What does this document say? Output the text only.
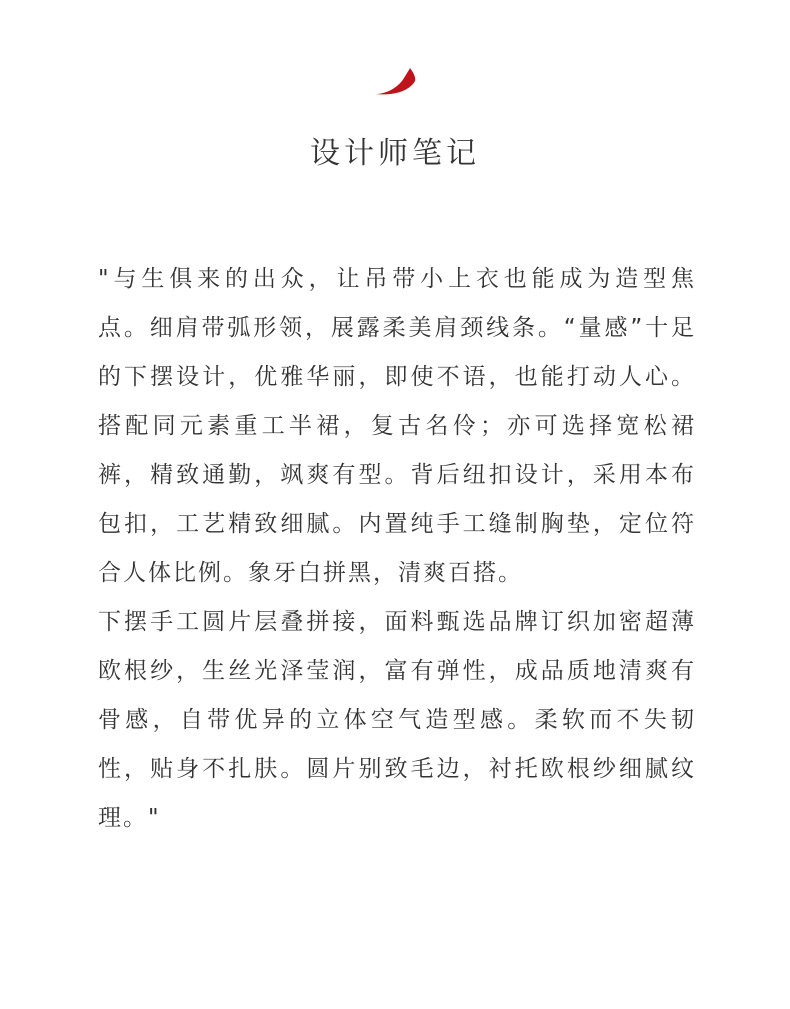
设计师笔记
"与生俱来的出众，让吊带小上衣也能成为造型焦
点。细肩带弧形领，展露柔美肩颈线条。“量感”十足
的下摆设计，优雅华丽，即使不语，也能打动人心。
搭配同元素重工半裙，复古名伶；亦可选择宽松裙
裤，精致通勤，飒爽有型。背后纽扣设计，采用本布
包扣，工艺精致细腻。内置纯手工缝制胸垫，定位符
合人体比例。象牙白拼黑，清爽百搭。
下摆手工圆片层叠拼接，面料甄选品牌订织加密超薄
欧根纱，生丝光泽莹润，富有弹性，成品质地清爽有
骨感，自带优异的立体空气造型感。柔软而不失韧
性，贴身不扎肤。圆片别致毛边，衬托欧根纱细腻纹
理。"
